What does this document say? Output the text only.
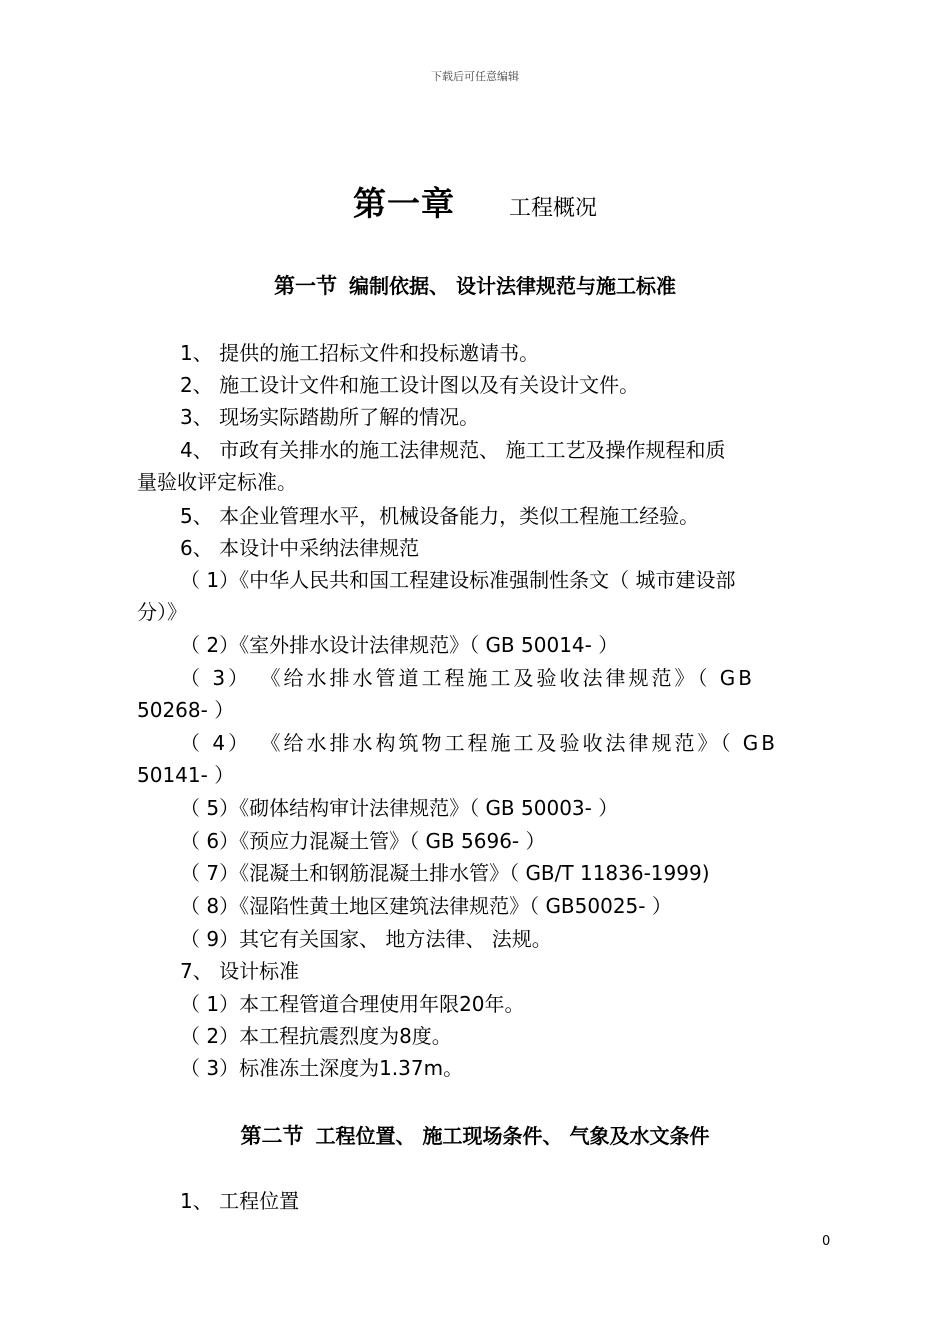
下载后可任意编辑
第一章 工程概况
第一节 编制依据、 设计法律规范与施工标准
1、 提供的施工招标文件和投标邀请书。
2、 施工设计文件和施工设计图以及有关设计文件。
3、 现场实际踏勘所了解的情况。
4、 市政有关排水的施工法律规范、 施工工艺及操作规程和质
量验收评定标准。
5、 本企业管理水平，机械设备能力，类似工程施工经验。
6、 本设计中采纳法律规范
（ 1）《中华人民共和国工程建设标准强制性条文（ 城市建设部
分）》
（ 2）《室外排水设计法律规范》（ GB 50014- ）
（ 3） 《给水排水管道工程施工及验收法律规范》（ GB
50268- ）
（ 4） 《给水排水构筑物工程施工及验收法律规范》（ GB
50141- ）
（ 5）《砌体结构审计法律规范》（ GB 50003- ）
（ 6）《预应力混凝土管》（ GB 5696- ）
（ 7）《混凝土和钢筋混凝土排水管》（ GB/T 11836-1999)
（ 8）《湿陷性黄土地区建筑法律规范》（ GB50025- ）
（ 9）其它有关国家、 地方法律、 法规。
7、 设计标准
（ 1）本工程管道合理使用年限20年。
（ 2）本工程抗震烈度为8度。
（ 3）标准冻土深度为1.37m。
第二节 工程位置、 施工现场条件、 气象及水文条件
1、 工程位置
0
